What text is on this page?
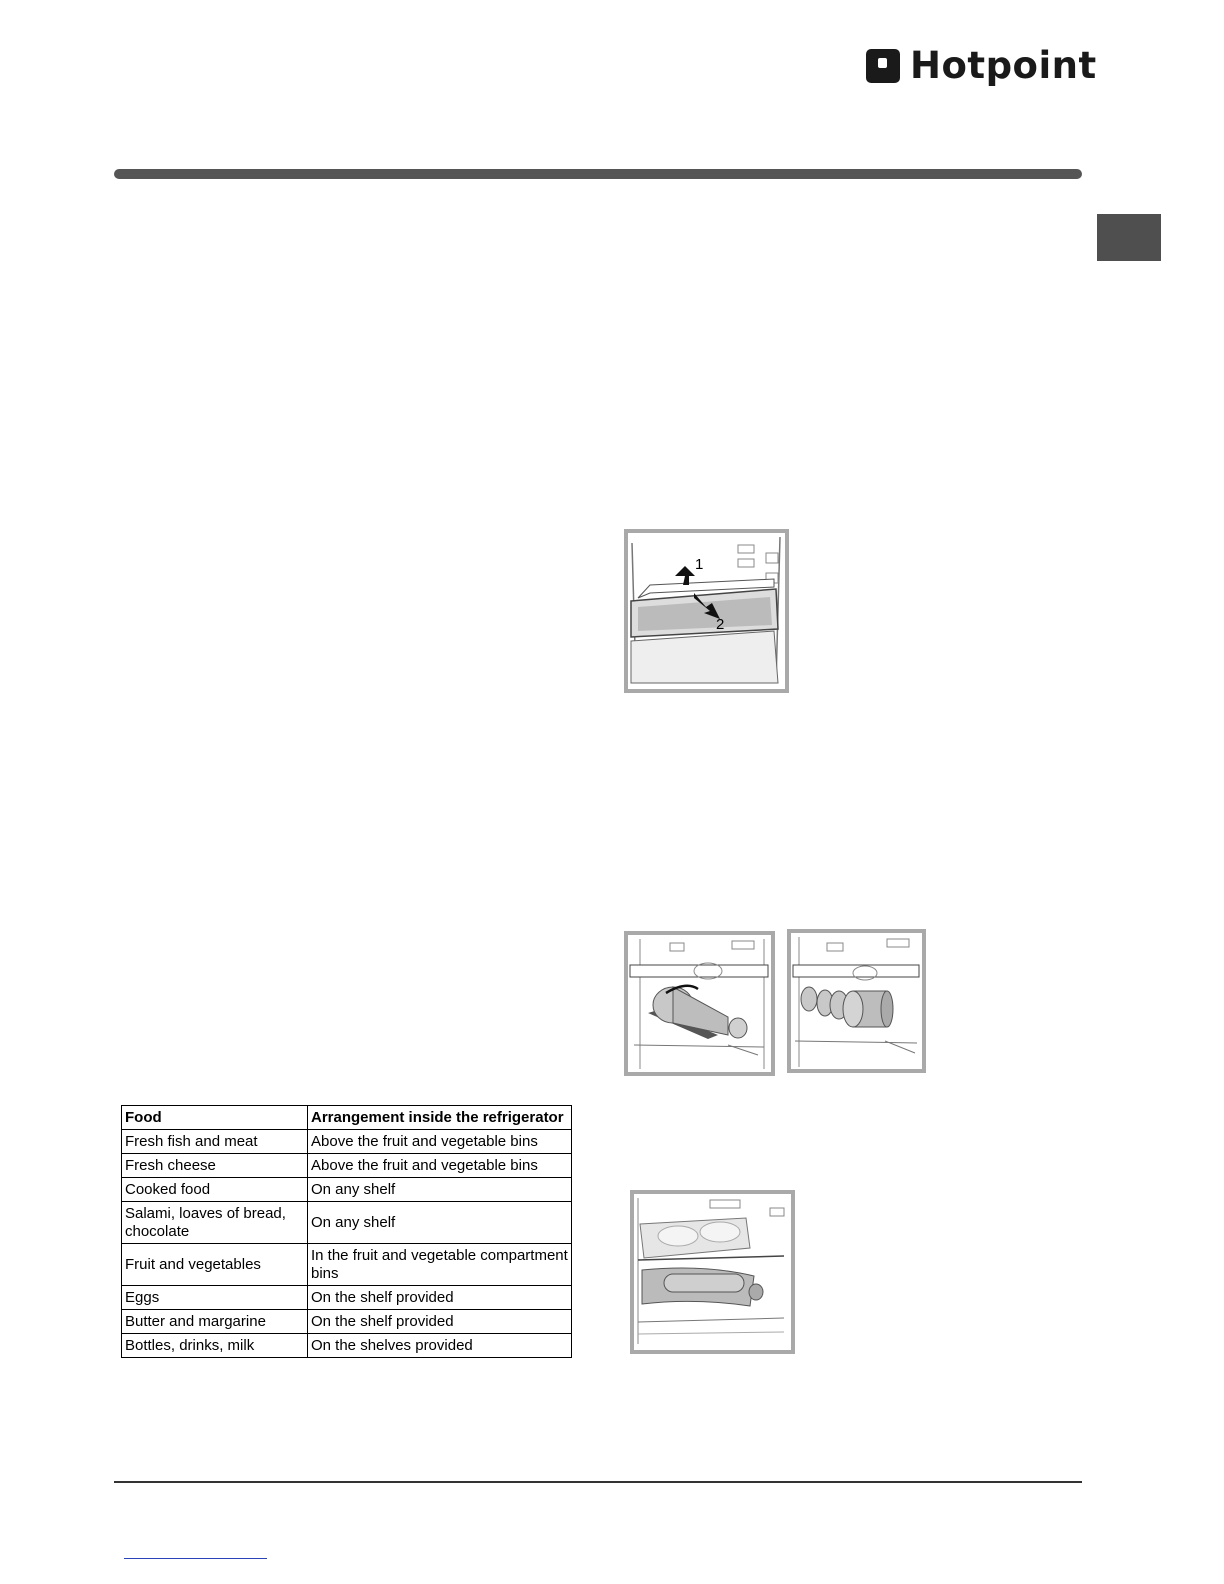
Hotpoint
1
2
Food	Arrangement inside the refrigerator
Fresh fish and meat	Above the fruit and vegetable bins
Fresh cheese	Above the fruit and vegetable bins
Cooked food	On any shelf
Salami, loaves of bread, chocolate	On any shelf
Fruit and vegetables	In the fruit and vegetable compartment bins
Eggs	On the shelf provided
Butter and margarine	On the shelf provided
Bottles, drinks, milk	On the shelves provided
